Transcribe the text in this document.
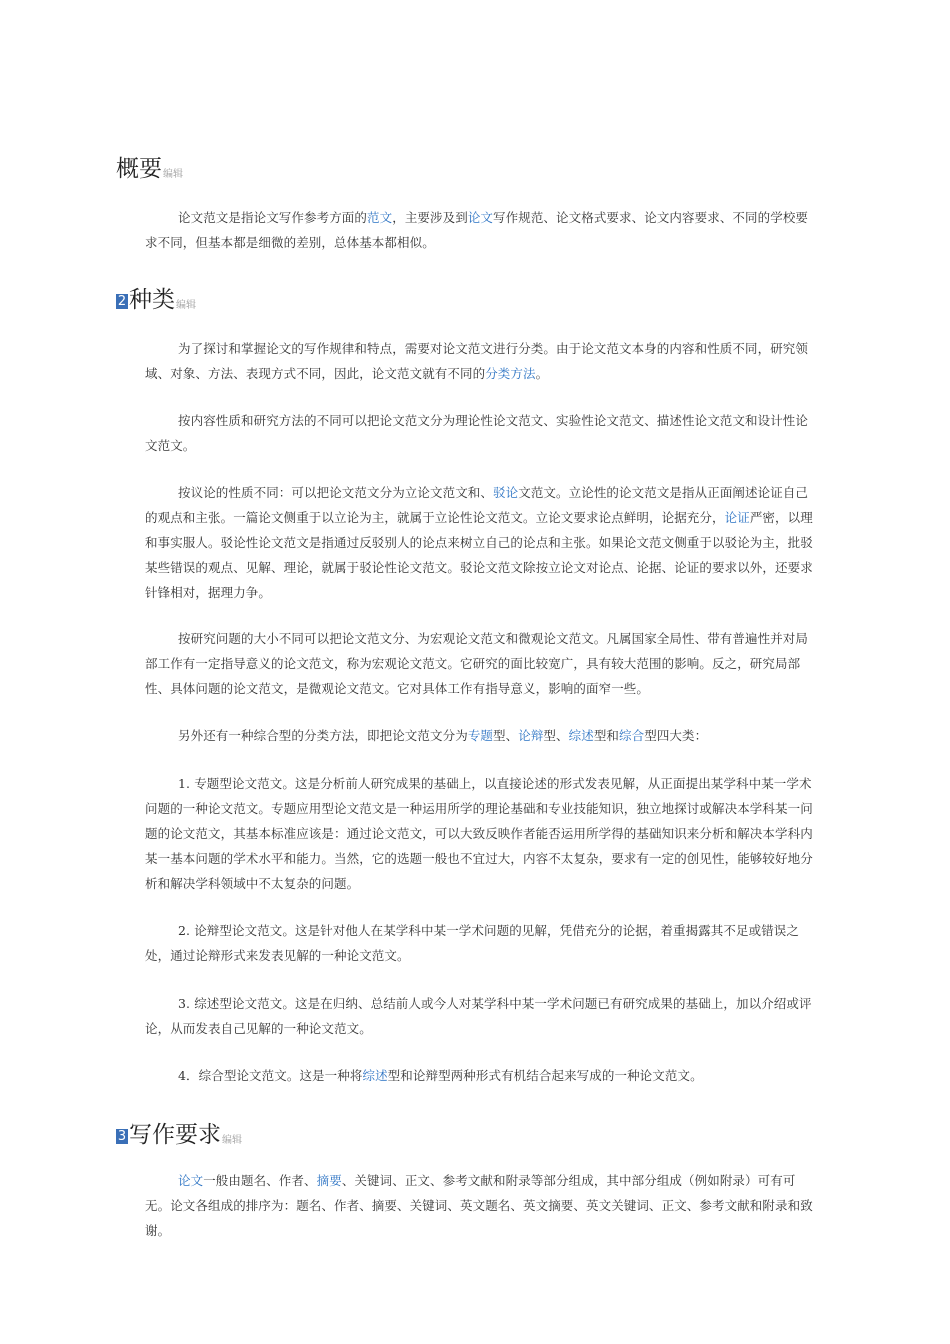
概要 编辑

论文范文是指论文写作参考方面的范文，主要涉及到论文写作规范、论文格式要求、论文内容要求、不同的学校要求不同，但基本都是细微的差别，总体基本都相似。

2 种类 编辑

为了探讨和掌握论文的写作规律和特点，需要对论文范文进行分类。由于论文范文本身的内容和性质不同，研究领域、对象、方法、表现方式不同，因此，论文范文就有不同的分类方法。

按内容性质和研究方法的不同可以把论文范文分为理论性论文范文、实验性论文范文、描述性论文范文和设计性论文范文。

按议论的性质不同：可以把论文范文分为立论文范文和、驳论文范文。立论性的论文范文是指从正面阐述论证自己的观点和主张。一篇论文侧重于以立论为主，就属于立论性论文范文。立论文要求论点鲜明，论据充分，论证严密，以理和事实服人。驳论性论文范文是指通过反驳别人的论点来树立自己的论点和主张。如果论文范文侧重于以驳论为主，批驳某些错误的观点、见解、理论，就属于驳论性论文范文。驳论文范文除按立论文对论点、论据、论证的要求以外，还要求针锋相对，据理力争。

按研究问题的大小不同可以把论文范文分、为宏观论文范文和微观论文范文。凡属国家全局性、带有普遍性并对局部工作有一定指导意义的论文范文，称为宏观论文范文。它研究的面比较宽广，具有较大范围的影响。反之，研究局部性、具体问题的论文范文，是微观论文范文。它对具体工作有指导意义，影响的面窄一些。

另外还有一种综合型的分类方法，即把论文范文分为专题型、论辩型、综述型和综合型四大类：

1. 专题型论文范文。这是分析前人研究成果的基础上，以直接论述的形式发表见解，从正面提出某学科中某一学术问题的一种论文范文。专题应用型论文范文是一种运用所学的理论基础和专业技能知识，独立地探讨或解决本学科某一问题的论文范文，其基本标准应该是：通过论文范文，可以大致反映作者能否运用所学得的基础知识来分析和解决本学科内某一基本问题的学术水平和能力。当然，它的选题一般也不宜过大，内容不太复杂，要求有一定的创见性，能够较好地分析和解决学科领域中不太复杂的问题。

2. 论辩型论文范文。这是针对他人在某学科中某一学术问题的见解，凭借充分的论据，着重揭露其不足或错误之处，通过论辩形式来发表见解的一种论文范文。

3. 综述型论文范文。这是在归纳、总结前人或今人对某学科中某一学术问题已有研究成果的基础上，加以介绍或评论，从而发表自己见解的一种论文范文。

4．综合型论文范文。这是一种将综述型和论辩型两种形式有机结合起来写成的一种论文范文。

3 写作要求 编辑

论文一般由题名、作者、摘要、关键词、正文、参考文献和附录等部分组成，其中部分组成（例如附录）可有可无。论文各组成的排序为：题名、作者、摘要、关键词、英文题名、英文摘要、英文关键词、正文、参考文献和附录和致谢。
